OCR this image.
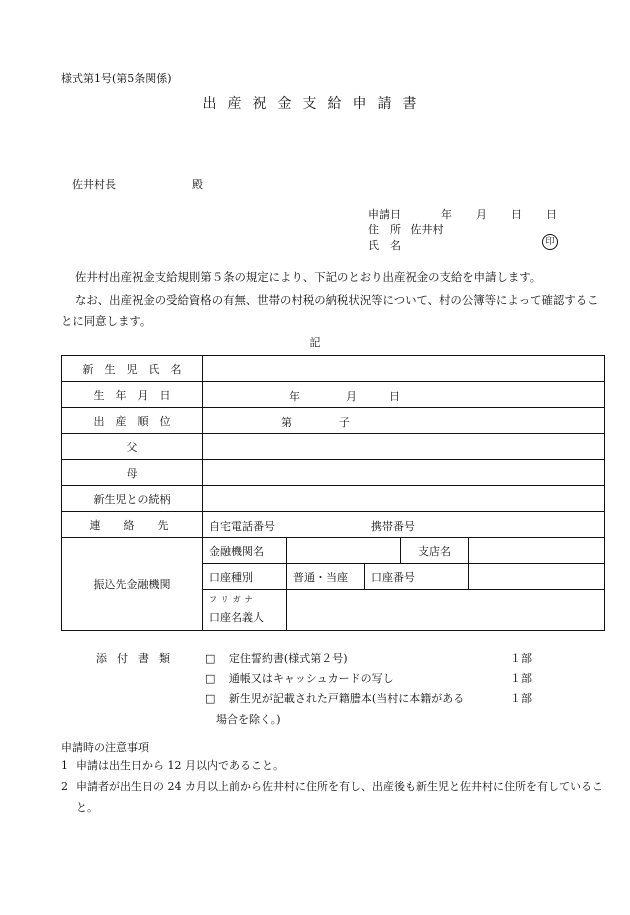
様式第1号(第5条関係)
出産祝金支給申請書
佐井村長	殿
申請日	年 月 日 日
住　所 佐井村
氏　名	印
佐井村出産祝金支給規則第５条の規定により、下記のとおり出産祝金の支給を申請します。
なお、出産祝金の受給資格の有無、世帯の村税の納税状況等について、村の公簿等によって確認することに同意します。
記
新生児氏名					
生年月日	年 月 日				

出産順位	第 子				

父					
母					
新生児との続柄					
連　絡　先	自宅電話番号 携帯番号				

振込先金融機関	金融機関名			支店名	
	口座種別	普通・当座	口座番号		

	フリガナ
口座名義人				

添付書類 □ 定住誓約書(様式第２号)	１部
□ 通帳又はキャッシュカードの写し	１部
□ 新生児が記載された戸籍謄本(当村に本籍がある	１部
場合を除く。)
申請時の注意事項
1 申請は出生日から 12 月以内であること。
2 申請者が出生日の 24 カ月以上前から佐井村に住所を有し、出産後も新生児と佐井村に住所を有していること。
